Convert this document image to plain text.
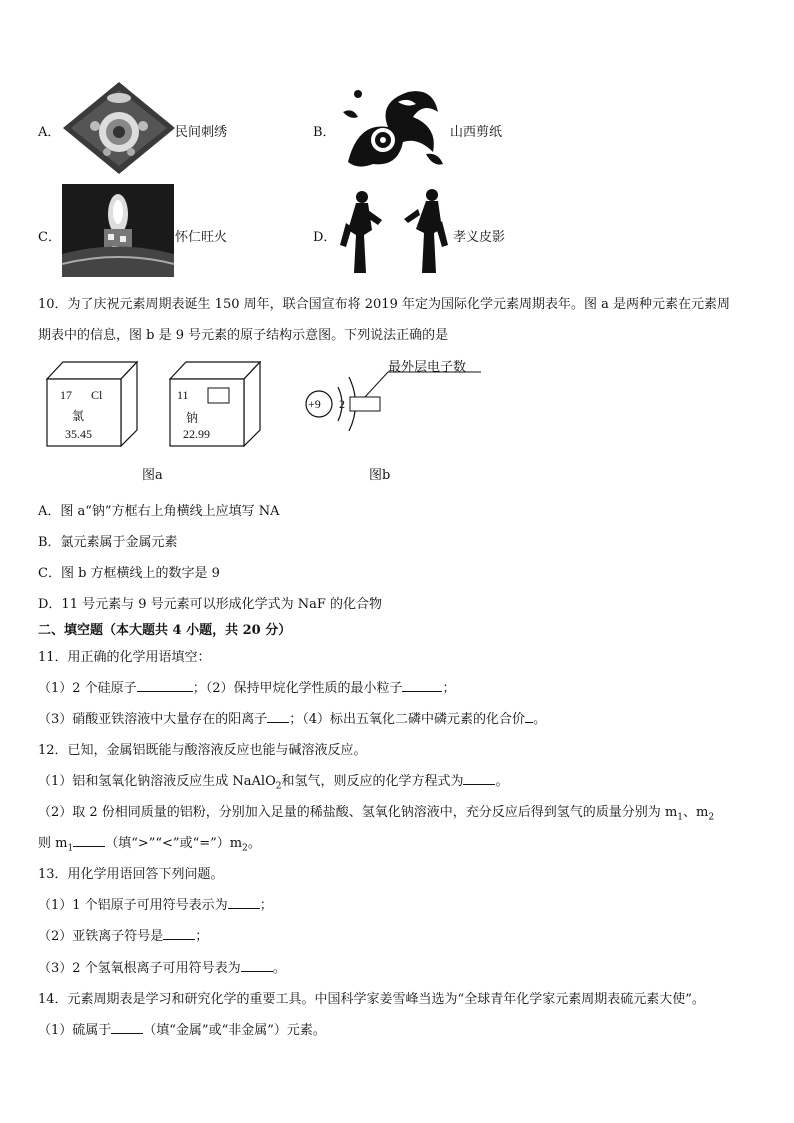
A．	民间刺绣	B．	山西剪纸
C．	怀仁旺火	D．	孝义皮影
10．为了庆祝元素周期表诞生 150 周年，联合国宣布将 2019 年定为国际化学元素周期表年。图 a 是两种元素在元素周
期表中的信息，图 b 是 9 号元素的原子结构示意图。下列说法正确的是
17 Cl
氯
35.45
11
钠
22.99
+9 2
最外层电子数
图a	图b
A．图 a“钠”方框右上角横线上应填写 NA
B．氯元素属于金属元素
C．图 b 方框横线上的数字是 9
D．11 号元素与 9 号元素可以形成化学式为 NaF 的化合物
二、填空题（本大题共 4 小题，共 20 分）
11．用正确的化学用语填空：
（1）2 个硅原子	；（2）保持甲烷化学性质的最小粒子	；
（3）硝酸亚铁溶液中大量存在的阳离子 ；（4）标出五氧化二磷中磷元素的化合价 。
12．已知，金属铝既能与酸溶液反应也能与碱溶液反应。
（1）铝和氢氧化钠溶液反应生成 NaAlO$_2$和氢气，则反应的化学方程式为 。
（2）取 2 份相同质量的铝粉，分别加入足量的稀盐酸、氢氧化钠溶液中，充分反应后得到氢气的质量分别为 $m_1$、$m_2$
则 $m_1$ （填“>”“<”或“$=”)m_2$。
13．用化学用语回答下列问题。
（1）1 个铝原子可用符号表示为 ；
（2）亚铁离子符号是 ；
（3）2 个氢氧根离子可用符号表为 。
14．元素周期表是学习和研究化学的重要工具。中国科学家姜雪峰当选为“全球青年化学家元素周期表硫元素大使”。
（1）硫属于 （填“金属”或“非金属”）元素。
